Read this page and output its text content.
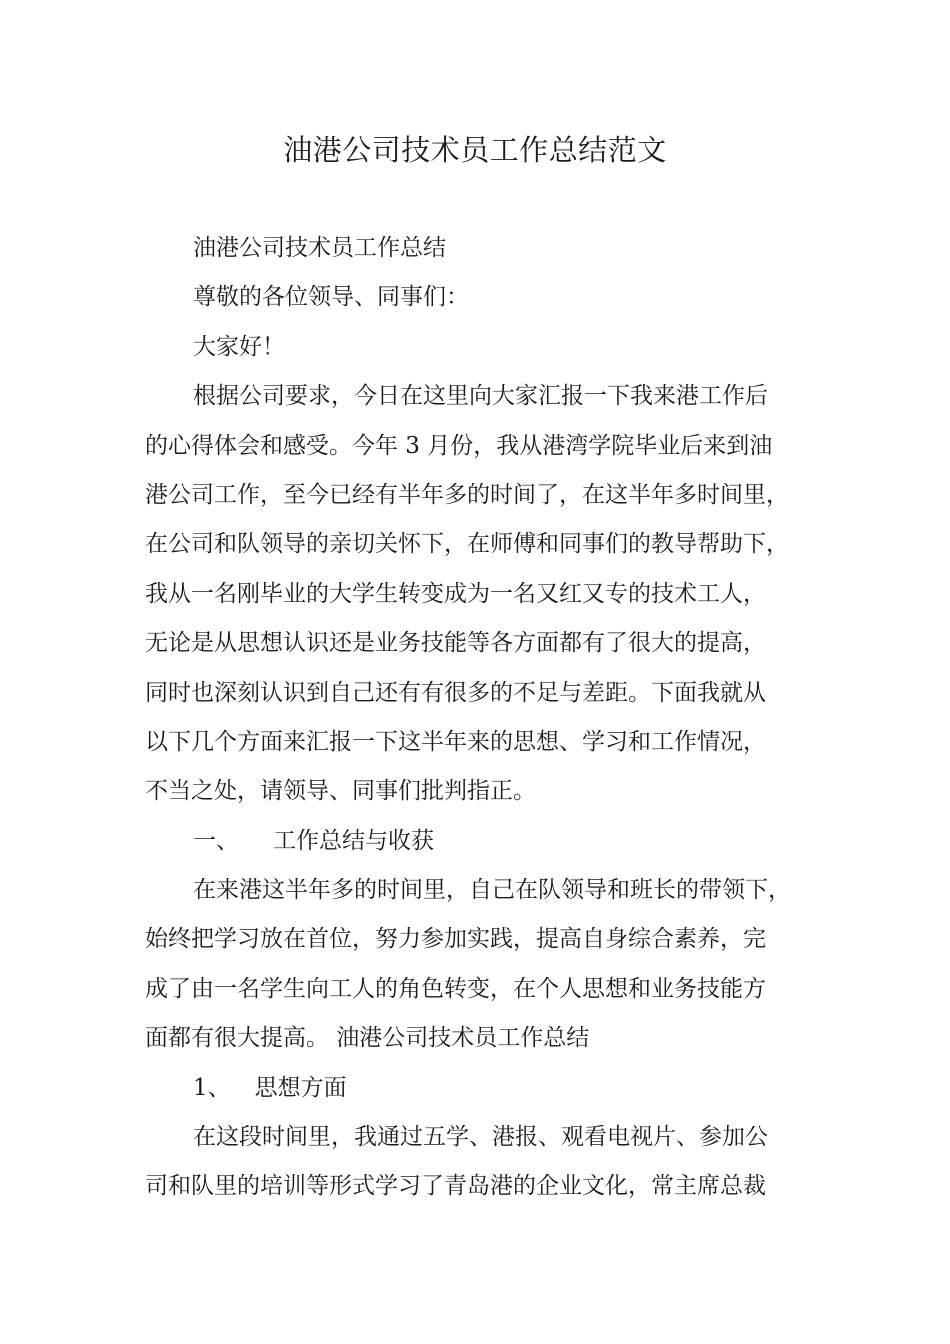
油港公司技术员工作总结范文
油港公司技术员工作总结
尊敬的各位领导、同事们：
大家好！
根据公司要求，今日在这里向大家汇报一下我来港工作后
的心得体会和感受。今年 3 月份，我从港湾学院毕业后来到油
港公司工作，至今已经有半年多的时间了，在这半年多时间里，
在公司和队领导的亲切关怀下，在师傅和同事们的教导帮助下，
我从一名刚毕业的大学生转变成为一名又红又专的技术工人，
无论是从思想认识还是业务技能等各方面都有了很大的提高，
同时也深刻认识到自己还有有很多的不足与差距。下面我就从
以下几个方面来汇报一下这半年来的思想、学习和工作情况，
不当之处，请领导、同事们批判指正。
一、 工作总结与收获
在来港这半年多的时间里，自己在队领导和班长的带领下，
始终把学习放在首位，努力参加实践，提高自身综合素养，完
成了由一名学生向工人的角色转变，在个人思想和业务技能方
面都有很大提高。 油港公司技术员工作总结
1、 思想方面
在这段时间里，我通过五学、港报、观看电视片、参加公
司和队里的培训等形式学习了青岛港的企业文化，常主席总裁
